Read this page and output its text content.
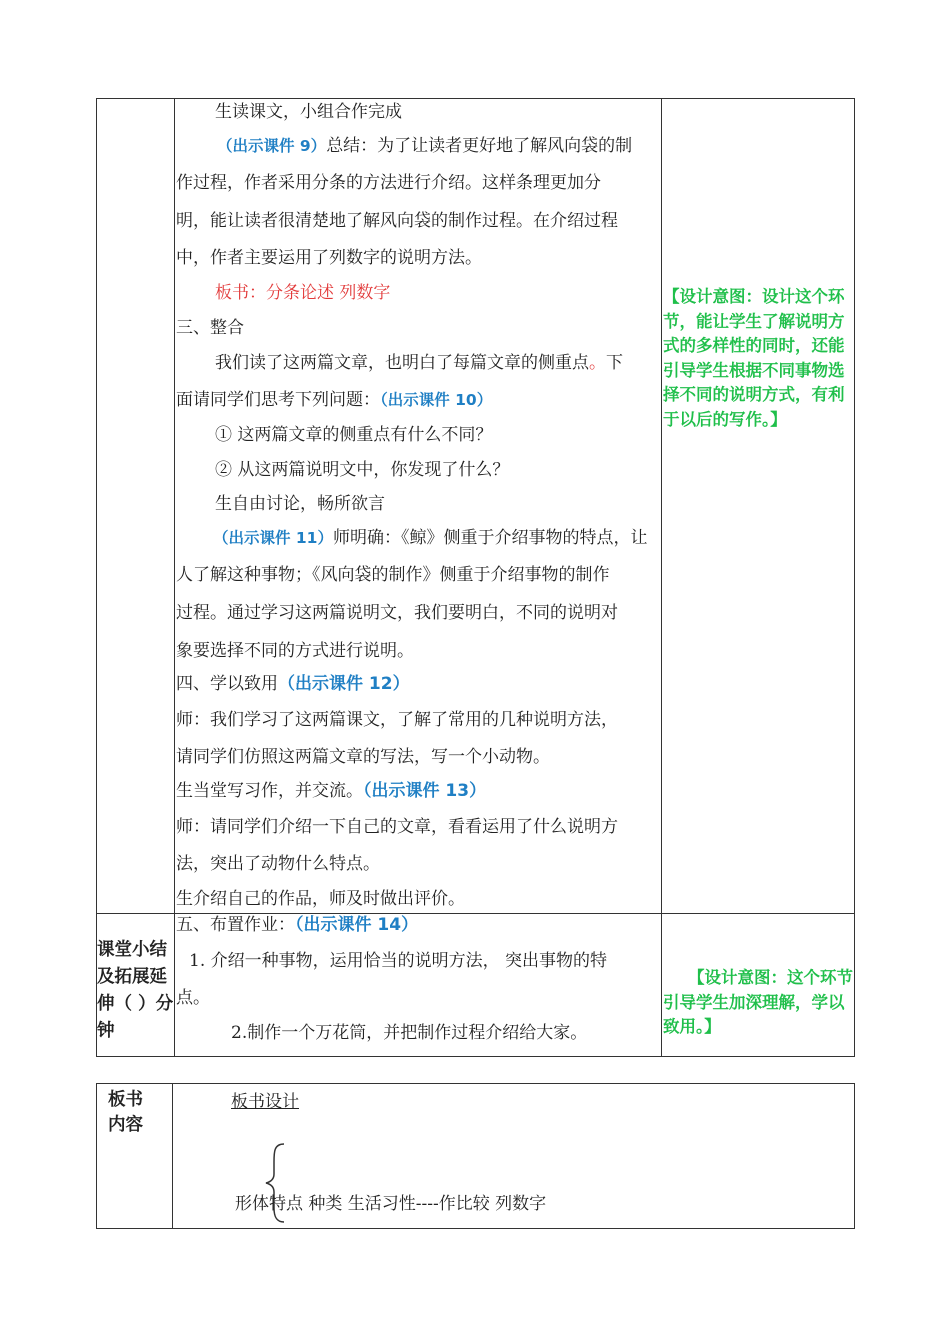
生读课文，小组合作完成
（出示课件 9）总结：为了让读者更好地了解风向袋的制
作过程，作者采用分条的方法进行介绍。这样条理更加分
明，能让读者很清楚地了解风向袋的制作过程。在介绍过程
中，作者主要运用了列数字的说明方法。
板书：分条论述 列数字
三、整合
我们读了这两篇文章，也明白了每篇文章的侧重点。下
面请同学们思考下列问题：（出示课件 10）
① 这两篇文章的侧重点有什么不同？
② 从这两篇说明文中，你发现了什么？
生自由讨论，畅所欲言
（出示课件 11）师明确：《鲸》侧重于介绍事物的特点，让
人了解这种事物；《风向袋的制作》侧重于介绍事物的制作
过程。通过学习这两篇说明文，我们要明白，不同的说明对
象要选择不同的方式进行说明。
四、学以致用（出示课件 12）
师：我们学习了这两篇课文，了解了常用的几种说明方法，
请同学们仿照这两篇文章的写法，写一个小动物。
生当堂写习作，并交流。（出示课件 13）
师：请同学们介绍一下自己的文章，看看运用了什么说明方
法，突出了动物什么特点。
生介绍自己的作品，师及时做出评价。
五、布置作业：（出示课件 14）
1. 介绍一种事物，运用恰当的说明方法， 突出事物的特
点。
2.制作一个万花筒，并把制作过程介绍给大家。
【设计意图：设计这个环节，能让学生了解说明方式的多样性的同时，还能引导学生根据不同事物选择不同的说明方式，有利于以后的写作。】
【设计意图：这个环节引导学生加深理解，学以致用。】
课堂小结及拓展延伸（ ）分钟
板书内容
板书设计
形体特点 种类 生活习性----作比较 列数字
